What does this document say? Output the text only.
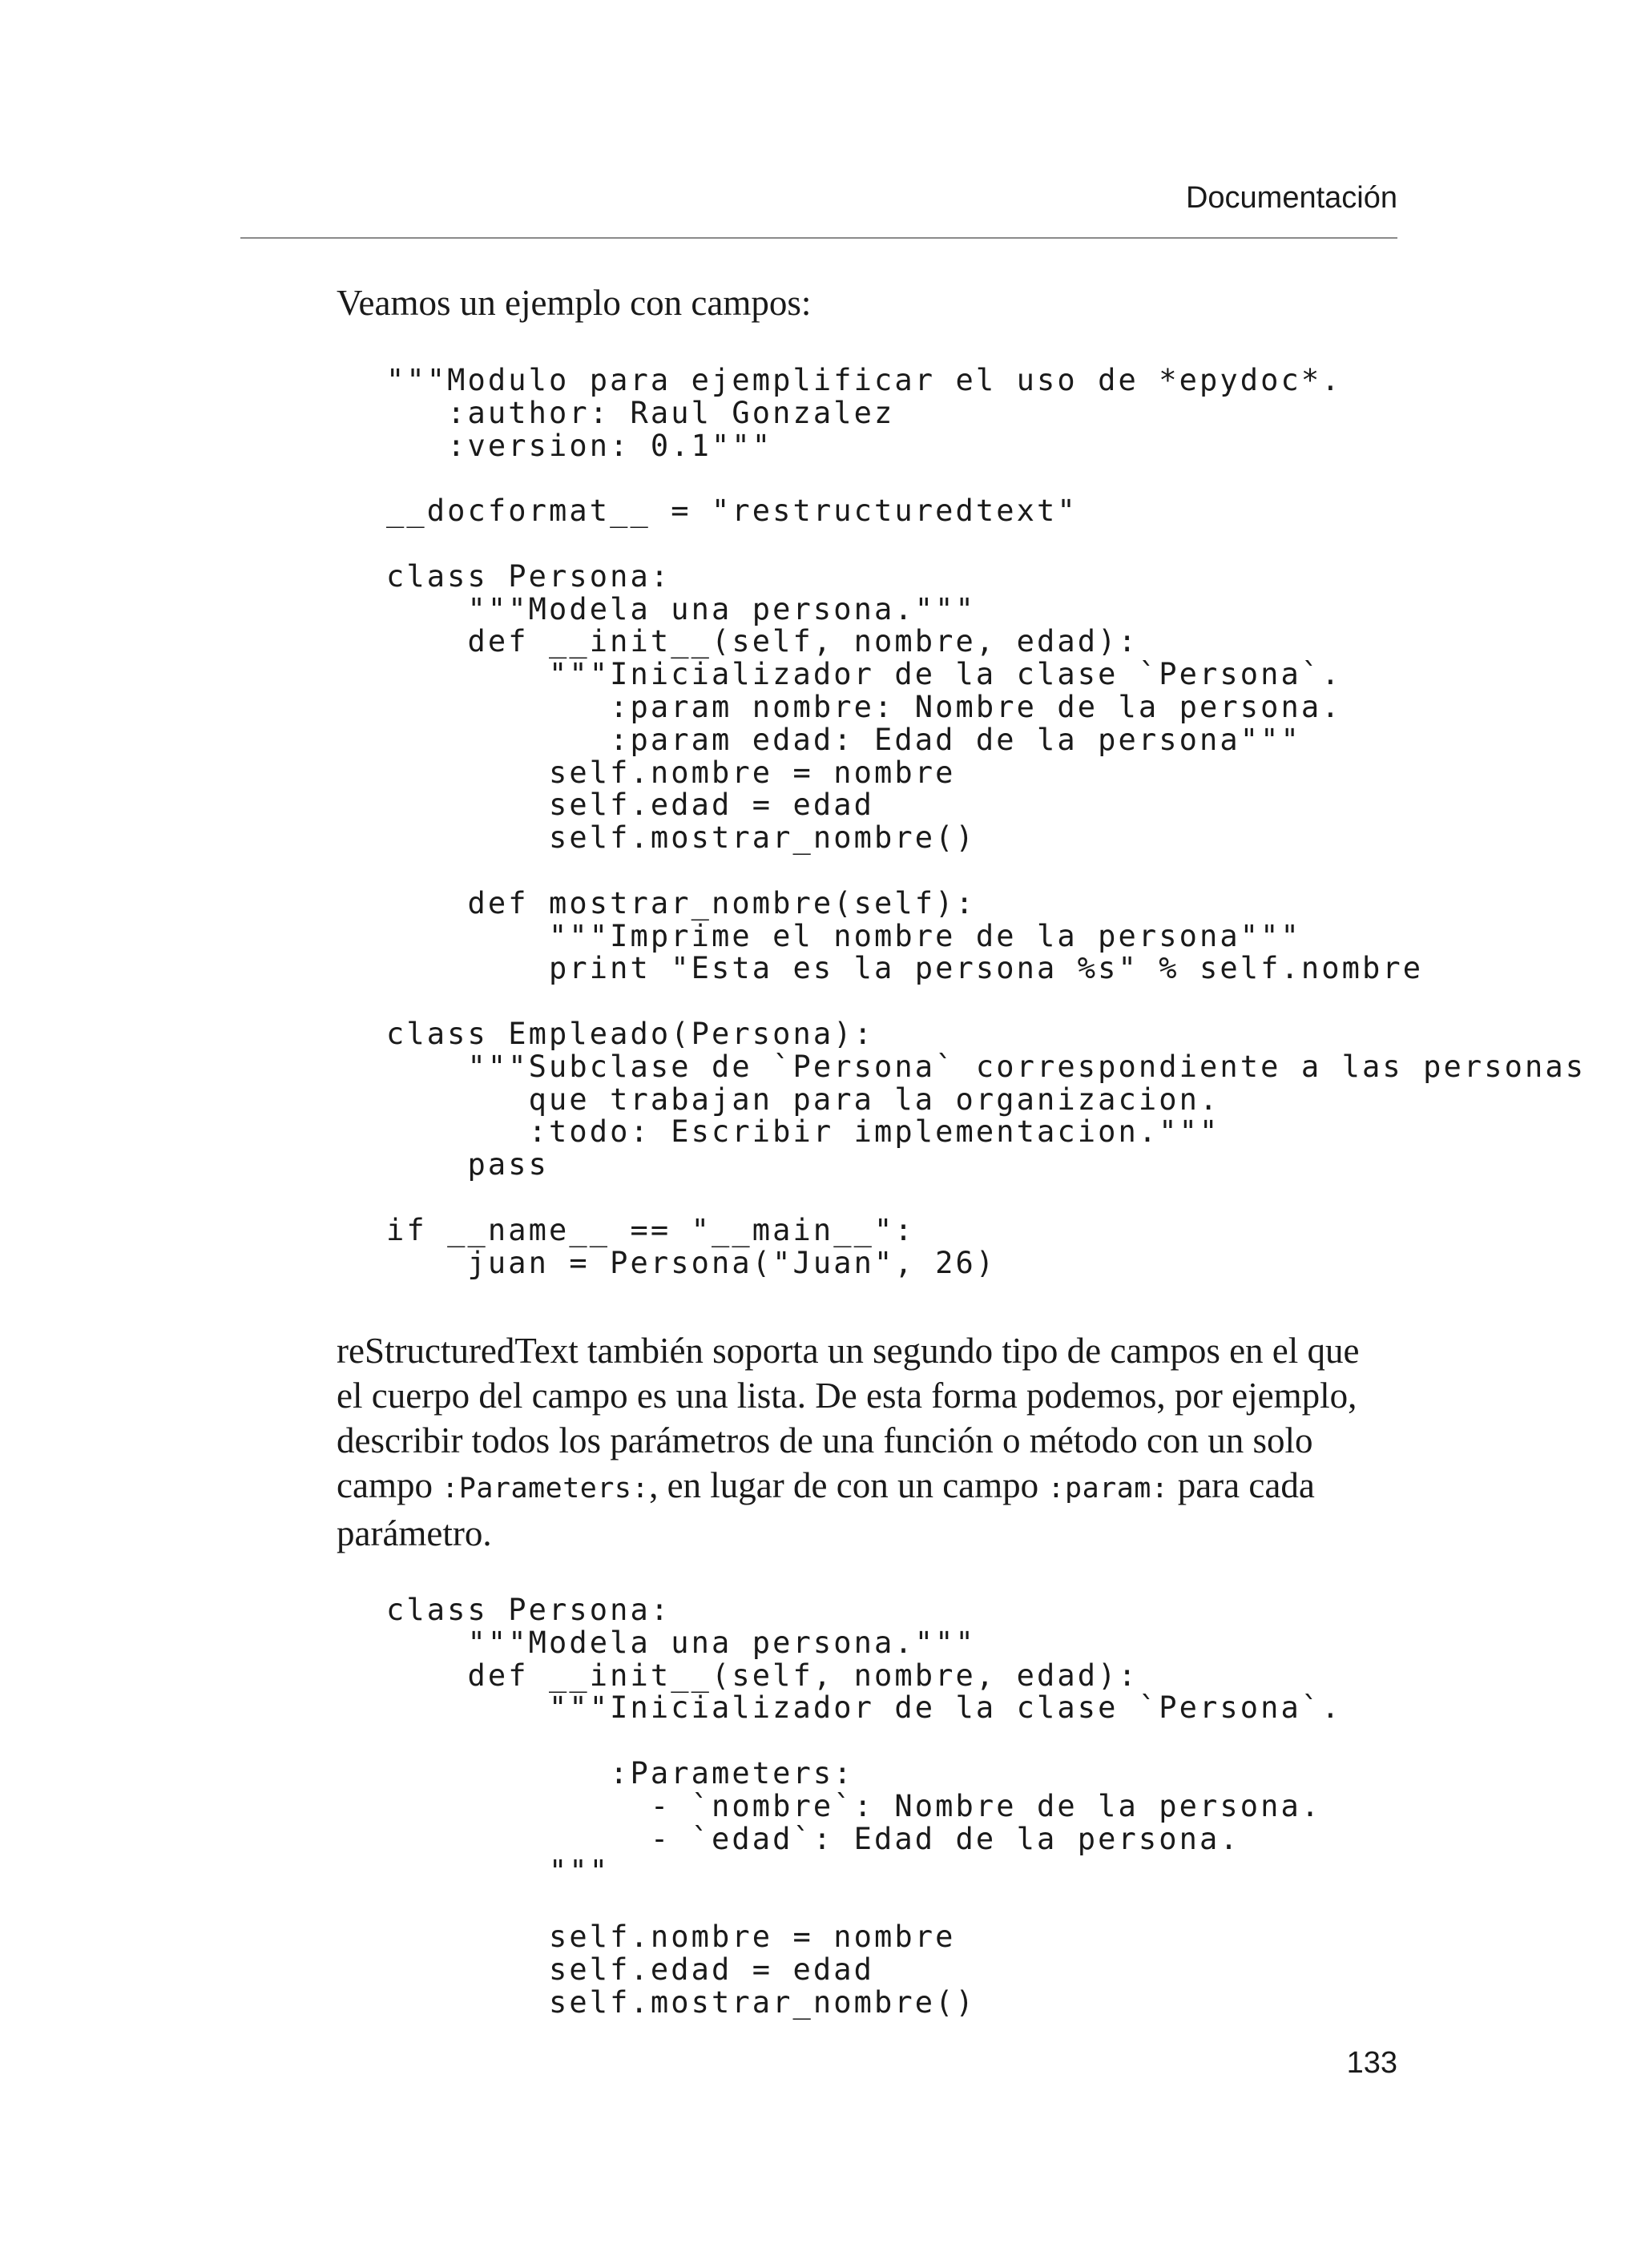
Documentación

Veamos un ejemplo con campos:

"""Modulo para ejemplificar el uso de *epydoc*.
:author: Raul Gonzalez
:version: 0.1"""

__docformat__ = "restructuredtext"

class Persona:
"""Modela una persona."""
def __init__(self, nombre, edad):
"""Inicializador de la clase `Persona`.
:param nombre: Nombre de la persona.
:param edad: Edad de la persona"""
self.nombre = nombre
self.edad = edad
self.mostrar_nombre()

def mostrar_nombre(self):
"""Imprime el nombre de la persona"""
print "Esta es la persona %s" % self.nombre

class Empleado(Persona):
"""Subclase de `Persona` correspondiente a las personas
que trabajan para la organizacion.
:todo: Escribir implementacion."""
pass

if __name__ == "__main__":
juan = Persona("Juan", 26)

reStructuredText también soporta un segundo tipo de campos en el que el cuerpo del campo es una lista. De esta forma podemos, por ejemplo, describir todos los parámetros de una función o método con un solo campo :Parameters:, en lugar de con un campo :param: para cada parámetro.

class Persona:
"""Modela una persona."""
def __init__(self, nombre, edad):
"""Inicializador de la clase `Persona`.

:Parameters:
- `nombre`: Nombre de la persona.
- `edad`: Edad de la persona.
"""

self.nombre = nombre
self.edad = edad
self.mostrar_nombre()
133
